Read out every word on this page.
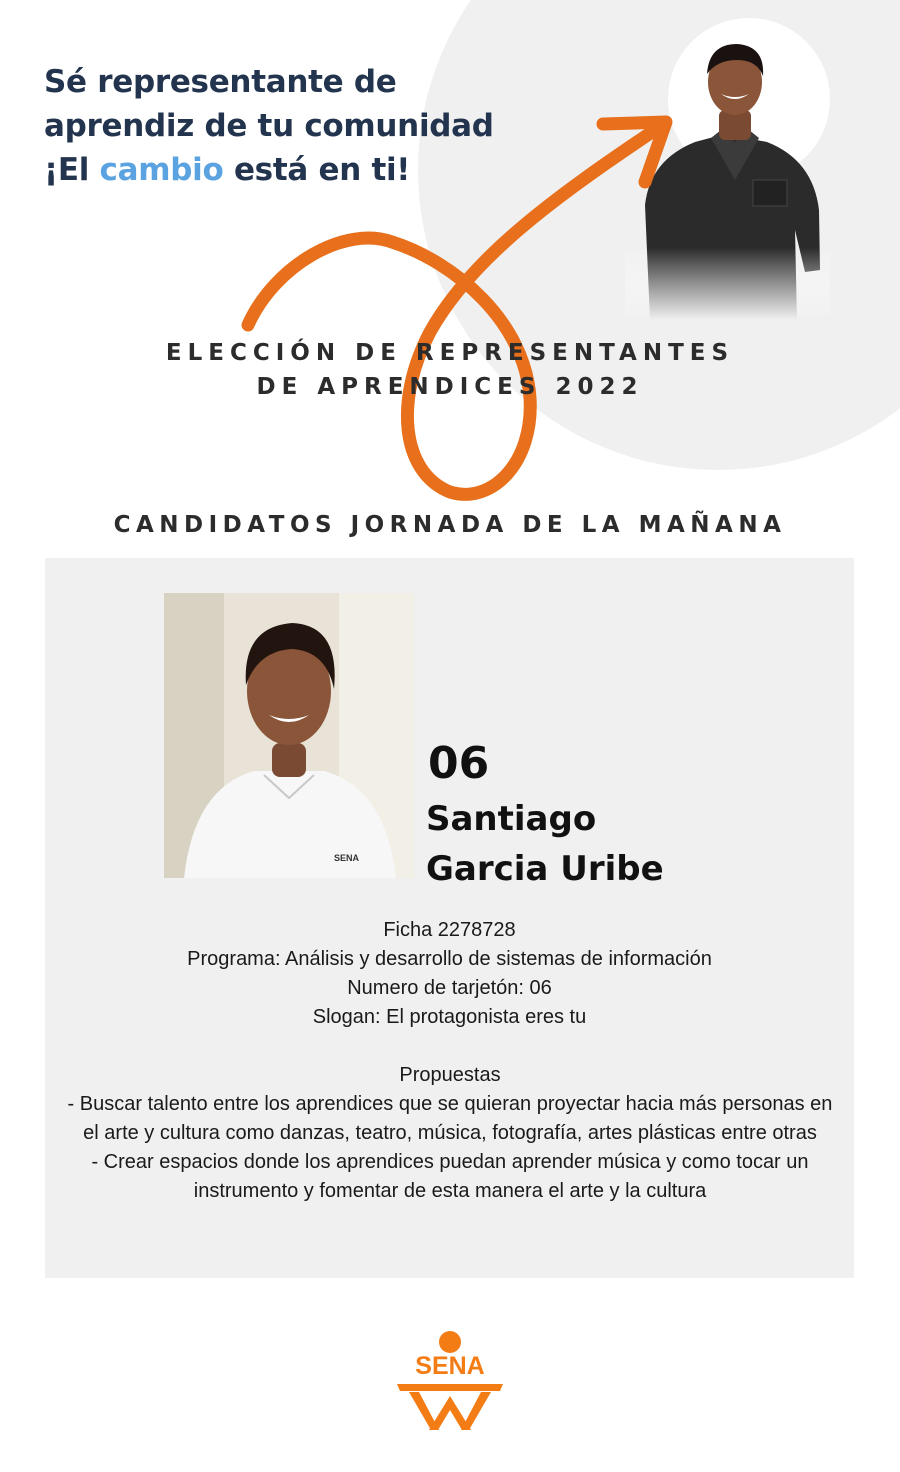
Sé representante de
aprendiz de tu comunidad
¡El cambio está en ti!
ELECCIÓN DE REPRESENTANTES
DE APRENDICES 2022
CANDIDATOS JORNADA DE LA MAÑANA
SENA
06
Santiago
Garcia Uribe
Ficha 2278728
Programa: Análisis y desarrollo de sistemas de información
Numero de tarjetón: 06
Slogan: El protagonista eres tu
Propuestas
- Buscar talento entre los aprendices que se quieran proyectar hacia más personas en el arte y cultura como danzas, teatro, música, fotografía, artes plásticas entre otras
- Crear espacios donde los aprendices puedan aprender música y como tocar un instrumento y fomentar de esta manera el arte y la cultura
SENA
